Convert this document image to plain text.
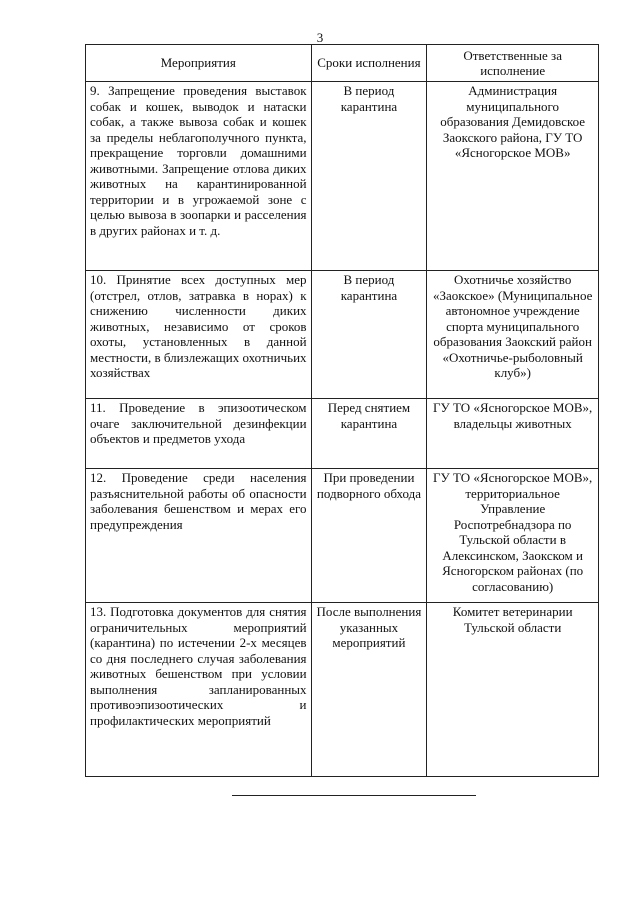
3
Мероприятия	Сроки исполнения	Ответственные за исполнение
9. Запрещение проведения выставок собак и кошек, выводок и натаски собак, а также вывоза собак и кошек за пределы неблагополучного пункта, прекращение торговли домашними животными. Запрещение отлова диких животных на карантинированной территории и в угрожаемой зоне с целью вывоза в зоопарки и расселения в других районах и т. д.	В период карантина	Администрация муниципального образования Демидовское Заокского района, ГУ ТО «Ясногорское МОВ»
10. Принятие всех доступных мер (отстрел, отлов, затравка в норах) к снижению численности диких животных, независимо от сроков охоты, установленных в данной местности, в близлежащих охотничьих хозяйствах	В период карантина	Охотничье хозяйство «Заокское» (Муниципальное автономное учреждение спорта муниципального образования Заокский район «Охотничье-рыболовный клуб»)
11. Проведение в эпизоотическом очаге заключительной дезинфекции объектов и предметов ухода	Перед снятием карантина	ГУ ТО «Ясногорское МОВ», владельцы животных
12. Проведение среди населения разъяснительной работы об опасности заболевания бешенством и мерах его предупреждения	При проведении подворного обхода	ГУ ТО «Ясногорское МОВ», территориальное Управление Роспотребнадзора по Тульской области в Алексинском, Заокском и Ясногорском районах (по согласованию)
13. Подготовка документов для снятия ограничительных мероприятий (карантина) по истечении 2-х месяцев со дня последнего случая заболевания животных бешенством при условии выполнения запланированных противоэпизоотических и профилактических мероприятий	После выполнения указанных мероприятий	Комитет ветеринарии Тульской области
